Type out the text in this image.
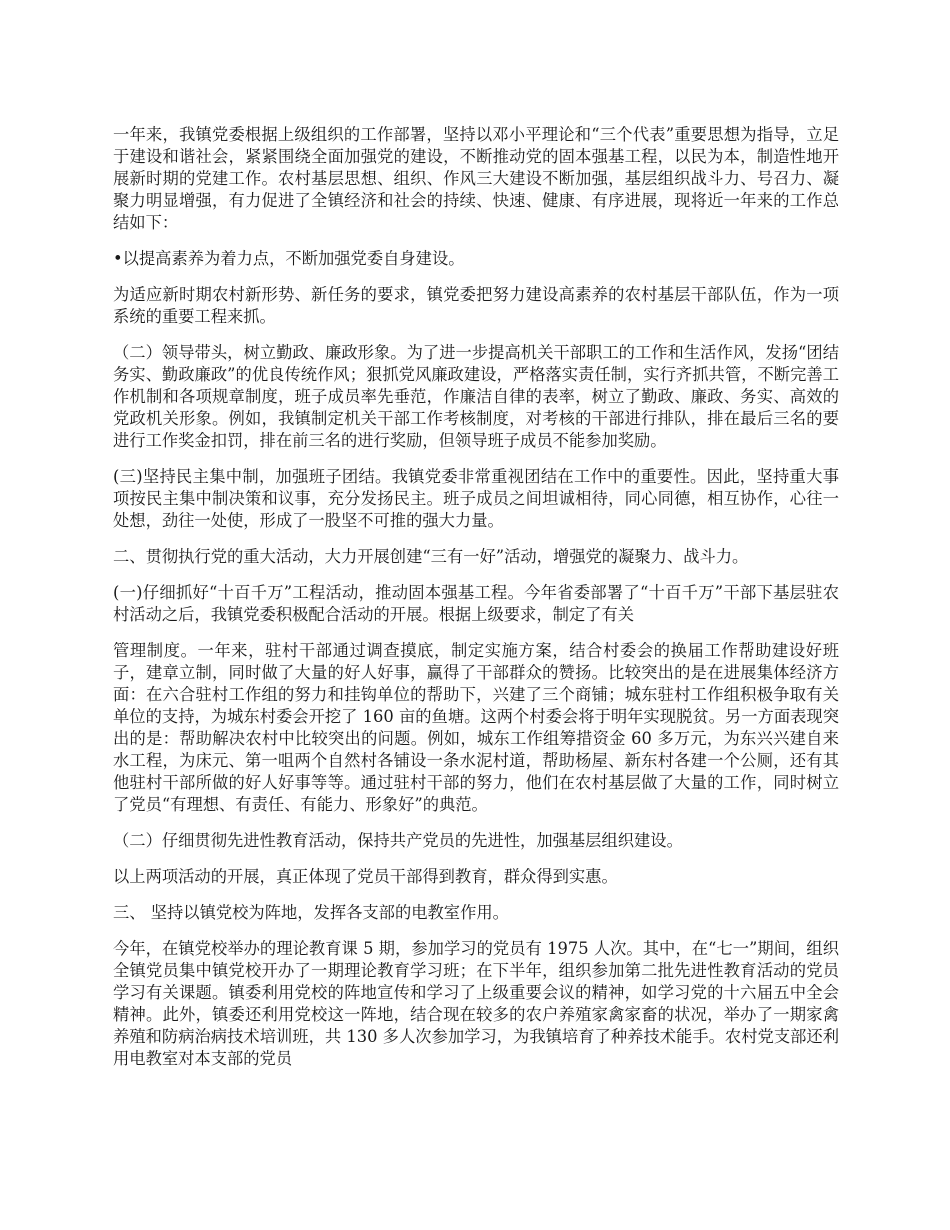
一年来，我镇党委根据上级组织的工作部署，坚持以邓小平理论和“三个代表”重要思想为指导，立足于建设和谐社会，紧紧围绕全面加强党的建设，不断推动党的固本强基工程，以民为本，制造性地开展新时期的党建工作。农村基层思想、组织、作风三大建设不断加强，基层组织战斗力、号召力、凝聚力明显增强，有力促进了全镇经济和社会的持续、快速、健康、有序进展，现将近一年来的工作总结如下：

•以提高素养为着力点，不断加强党委自身建设。

为适应新时期农村新形势、新任务的要求，镇党委把努力建设高素养的农村基层干部队伍，作为一项系统的重要工程来抓。

（二）领导带头，树立勤政、廉政形象。为了进一步提高机关干部职工的工作和生活作风，发扬“团结务实、勤政廉政”的优良传统作风；狠抓党风廉政建设，严格落实责任制，实行齐抓共管，不断完善工作机制和各项规章制度，班子成员率先垂范，作廉洁自律的表率，树立了勤政、廉政、务实、高效的党政机关形象。例如，我镇制定机关干部工作考核制度，对考核的干部进行排队，排在最后三名的要进行工作奖金扣罚，排在前三名的进行奖励，但领导班子成员不能参加奖励。

(三)坚持民主集中制，加强班子团结。我镇党委非常重视团结在工作中的重要性。因此，坚持重大事项按民主集中制决策和议事，充分发扬民主。班子成员之间坦诚相待，同心同德，相互协作，心往一处想，劲往一处使，形成了一股坚不可推的强大力量。

二、贯彻执行党的重大活动，大力开展创建“三有一好”活动，增强党的凝聚力、战斗力。

(一)仔细抓好“十百千万”工程活动，推动固本强基工程。今年省委部署了“十百千万”干部下基层驻农村活动之后，我镇党委积极配合活动的开展。根据上级要求，制定了有关

管理制度。一年来，驻村干部通过调查摸底，制定实施方案，结合村委会的换届工作帮助建设好班子，建章立制，同时做了大量的好人好事，赢得了干部群众的赞扬。比较突出的是在进展集体经济方面：在六合驻村工作组的努力和挂钩单位的帮助下，兴建了三个商铺；城东驻村工作组积极争取有关单位的支持，为城东村委会开挖了 160 亩的鱼塘。这两个村委会将于明年实现脱贫。另一方面表现突出的是：帮助解决农村中比较突出的问题。例如，城东工作组筹措资金 60 多万元，为东兴兴建自来水工程，为床元、第一咀两个自然村各铺设一条水泥村道，帮助杨屋、新东村各建一个公厕，还有其他驻村干部所做的好人好事等等。通过驻村干部的努力，他们在农村基层做了大量的工作，同时树立了党员“有理想、有责任、有能力、形象好”的典范。

（二）仔细贯彻先进性教育活动，保持共产党员的先进性，加强基层组织建设。

以上两项活动的开展，真正体现了党员干部得到教育，群众得到实惠。

三、 坚持以镇党校为阵地，发挥各支部的电教室作用。

今年，在镇党校举办的理论教育课 5 期，参加学习的党员有 1975 人次。其中，在“七一”期间，组织全镇党员集中镇党校开办了一期理论教育学习班；在下半年，组织参加第二批先进性教育活动的党员学习有关课题。镇委利用党校的阵地宣传和学习了上级重要会议的精神，如学习党的十六届五中全会精神。此外，镇委还利用党校这一阵地，结合现在较多的农户养殖家禽家畜的状况，举办了一期家禽养殖和防病治病技术培训班，共 130 多人次参加学习，为我镇培育了种养技术能手。农村党支部还利用电教室对本支部的党员
